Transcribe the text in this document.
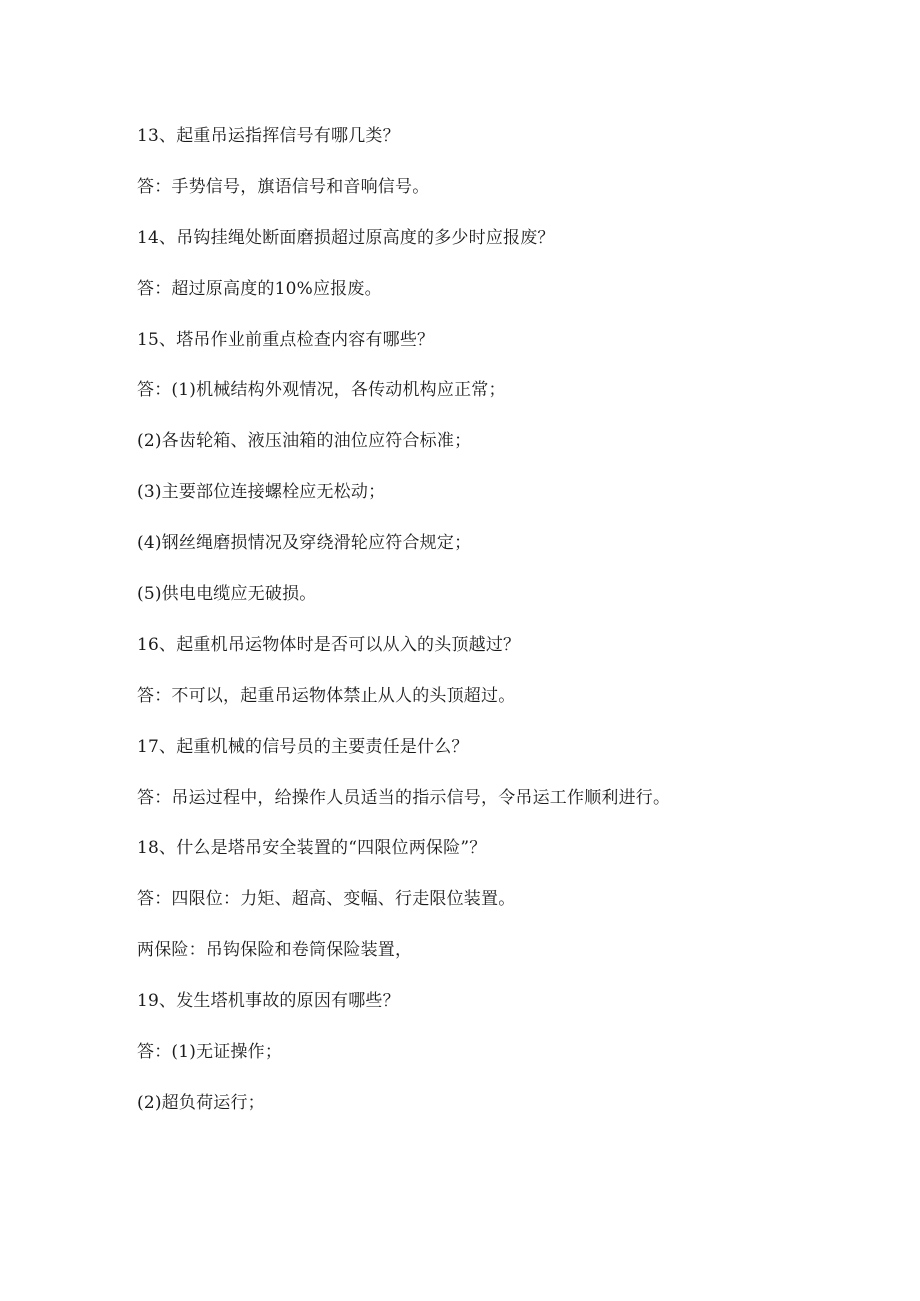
13、起重吊运指挥信号有哪几类？
答：手势信号，旗语信号和音响信号。
14、吊钩挂绳处断面磨损超过原高度的多少时应报废？
答：超过原高度的10%应报废。
15、塔吊作业前重点检查内容有哪些？
答：(1)机械结构外观情况，各传动机构应正常；
(2)各齿轮箱、液压油箱的油位应符合标准；
(3)主要部位连接螺栓应无松动；
(4)钢丝绳磨损情况及穿绕滑轮应符合规定；
(5)供电电缆应无破损。
16、起重机吊运物体时是否可以从入的头顶越过？
答：不可以，起重吊运物体禁止从人的头顶超过。
17、起重机械的信号员的主要责任是什么？
答：吊运过程中，给操作人员适当的指示信号，令吊运工作顺利进行。
18、什么是塔吊安全装置的“四限位两保险”？
答：四限位：力矩、超高、变幅、行走限位装置。
两保险：吊钩保险和卷筒保险装置，
19、发生塔机事故的原因有哪些？
答：(1)无证操作；
(2)超负荷运行；
